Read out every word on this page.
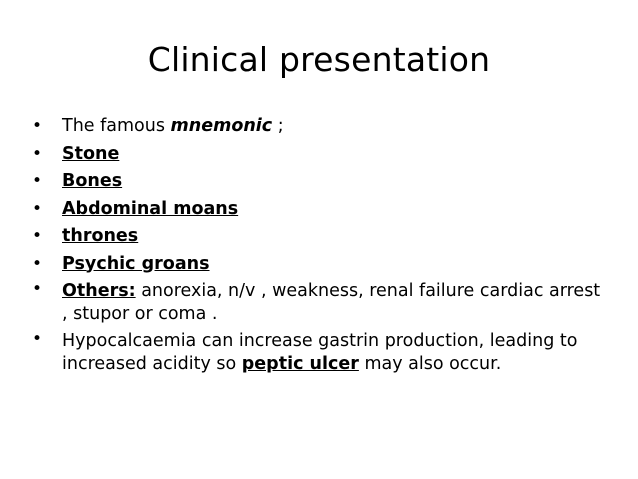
Clinical presentation
•	The famous mnemonic ;
•	Stone
•	Bones
•	Abdominal moans
•	thrones
•	Psychic groans
•	Others: anorexia, n/v , weakness, renal failure cardiac arrest , stupor or coma .
•	Hypocalcaemia can increase gastrin production, leading to increased acidity so peptic ulcer may also occur.
